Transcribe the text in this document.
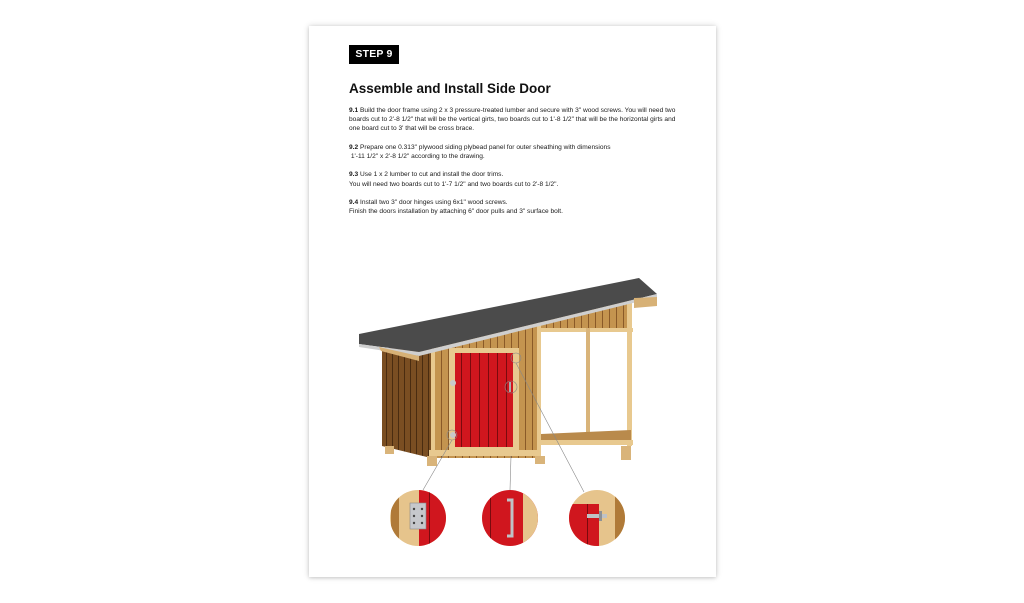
STEP 9
Assemble and Install Side Door

9.1 Build the door frame using 2 x 3 pressure-treated lumber and secure with 3" wood screws. You will need two boards cut to 2'-8 1/2" that will be the vertical girts, two boards cut to 1'-8 1/2" that will be the horizontal girts and one board cut to 3' that will be cross brace.

9.2 Prepare one 0.313" plywood siding plybead panel for outer sheathing with dimensions
1'-11 1/2" x 2'-8 1/2" according to the drawing.

9.3 Use 1 x 2 lumber to cut and install the door trims.
You will need two boards cut to 1'-7 1/2" and two boards cut to 2'-8 1/2".

9.4 Install two 3" door hinges using 6x1" wood screws.
Finish the doors installation by attaching 6" door pulls and 3" surface bolt.
